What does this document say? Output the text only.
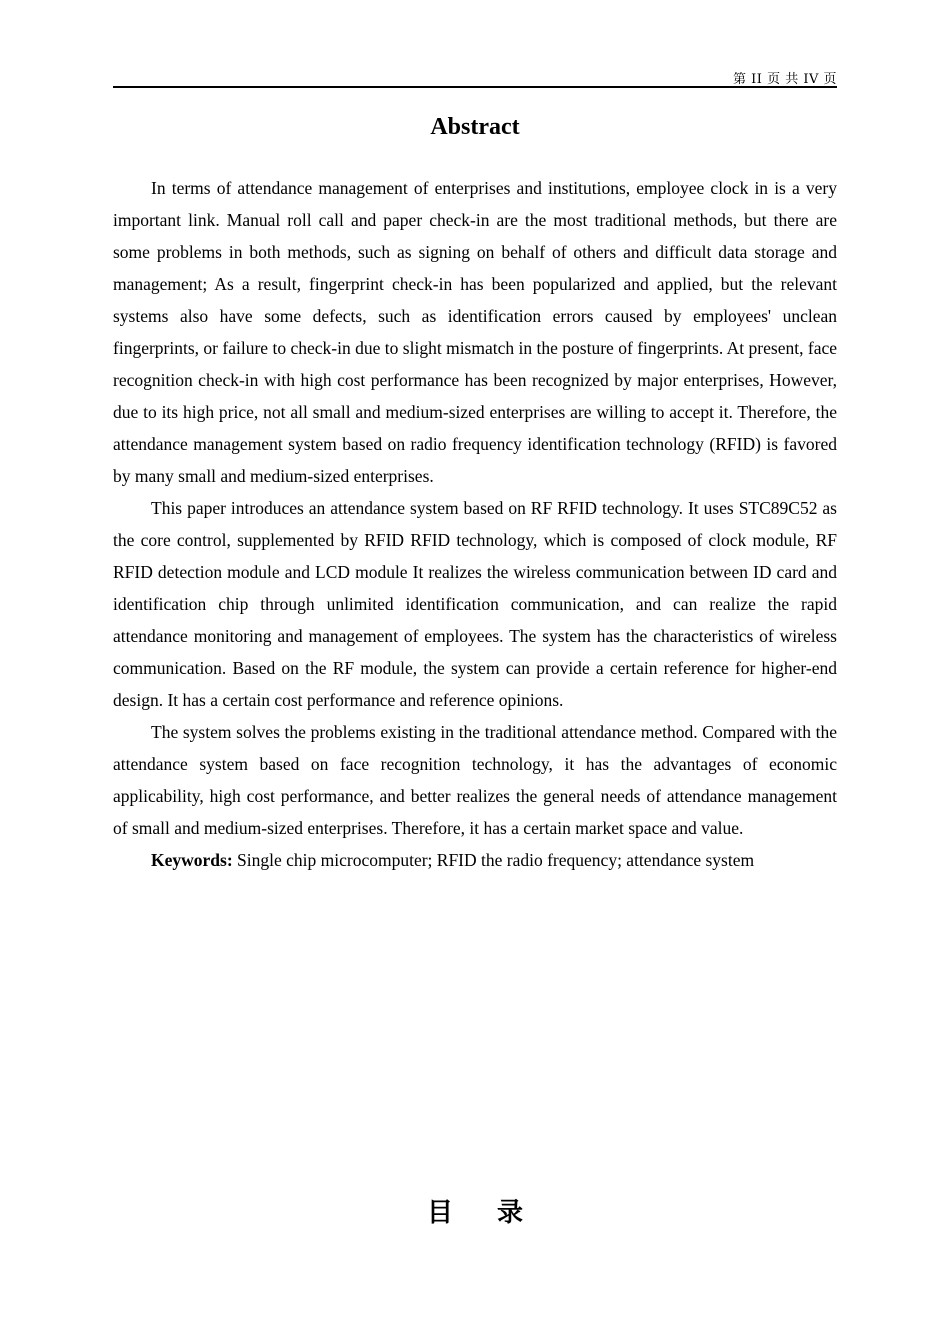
第 II 页 共 IV 页
Abstract

In terms of attendance management of enterprises and institutions, employee clock in is a very important link. Manual roll call and paper check-in are the most traditional methods, but there are some problems in both methods, such as signing on behalf of others and difficult data storage and management; As a result, fingerprint check-in has been popularized and applied, but the relevant systems also have some defects, such as identification errors caused by employees' unclean fingerprints, or failure to check-in due to slight mismatch in the posture of fingerprints. At present, face recognition check-in with high cost performance has been recognized by major enterprises, However, due to its high price, not all small and medium-sized enterprises are willing to accept it. Therefore, the attendance management system based on radio frequency identification technology (RFID) is favored by many small and medium-sized enterprises.

This paper introduces an attendance system based on RF RFID technology. It uses STC89C52 as the core control, supplemented by RFID RFID technology, which is composed of clock module, RF RFID detection module and LCD module It realizes the wireless communication between ID card and identification chip through unlimited identification communication, and can realize the rapid attendance monitoring and management of employees. The system has the characteristics of wireless communication. Based on the RF module, the system can provide a certain reference for higher-end design. It has a certain cost performance and reference opinions.

The system solves the problems existing in the traditional attendance method. Compared with the attendance system based on face recognition technology, it has the advantages of economic applicability, high cost performance, and better realizes the general needs of attendance management of small and medium-sized enterprises. Therefore, it has a certain market space and value.

Keywords: Single chip microcomputer; RFID the radio frequency; attendance system

目录
